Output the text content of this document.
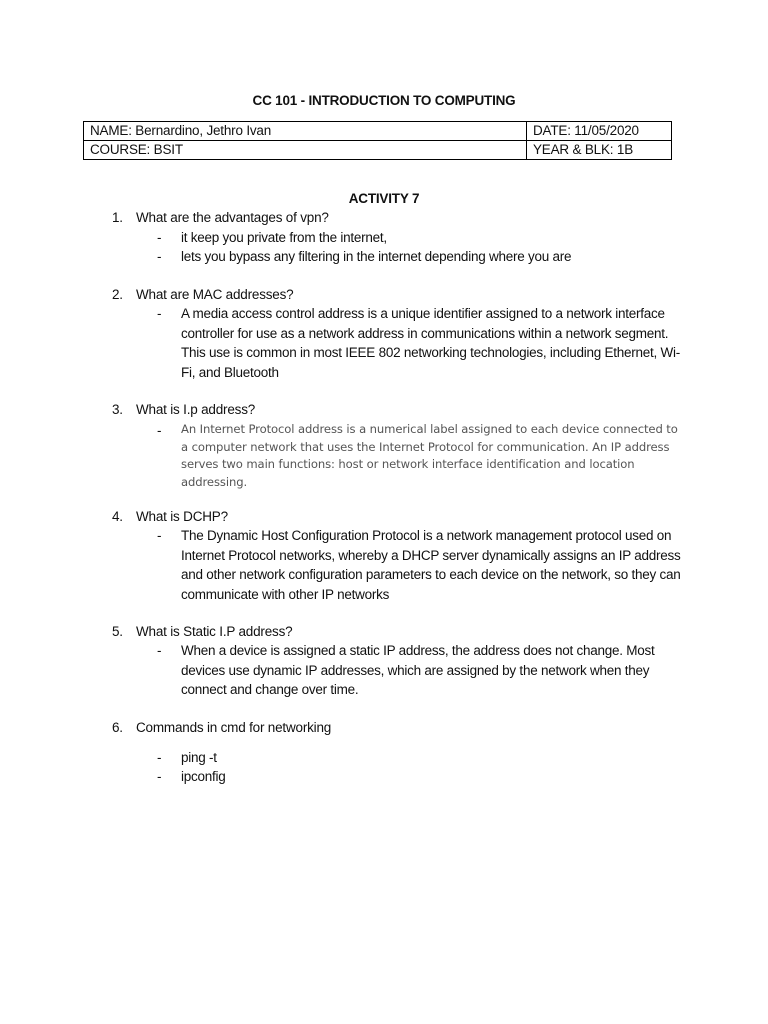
CC 101 - INTRODUCTION TO COMPUTING
NAME: Bernardino, Jethro Ivan	DATE: 11/05/2020
COURSE: BSIT	YEAR & BLK: 1B
ACTIVITY 7
1. What are the advantages of vpn?
- it keep you private from the internet,
- lets you bypass any filtering in the internet depending where you are
2. What are MAC addresses?
- A media access control address is a unique identifier assigned to a network interface controller for use as a network address in communications within a network segment. This use is common in most IEEE 802 networking technologies, including Ethernet, Wi-Fi, and Bluetooth
3. What is I.p address?
- An Internet Protocol address is a numerical label assigned to each device connected to a computer network that uses the Internet Protocol for communication. An IP address serves two main functions: host or network interface identification and location addressing.
4. What is DCHP?
- The Dynamic Host Configuration Protocol is a network management protocol used on Internet Protocol networks, whereby a DHCP server dynamically assigns an IP address and other network configuration parameters to each device on the network, so they can communicate with other IP networks
5. What is Static I.P address?
- When a device is assigned a static IP address, the address does not change. Most devices use dynamic IP addresses, which are assigned by the network when they connect and change over time.
6. Commands in cmd for networking
- ping -t
- ipconfig
